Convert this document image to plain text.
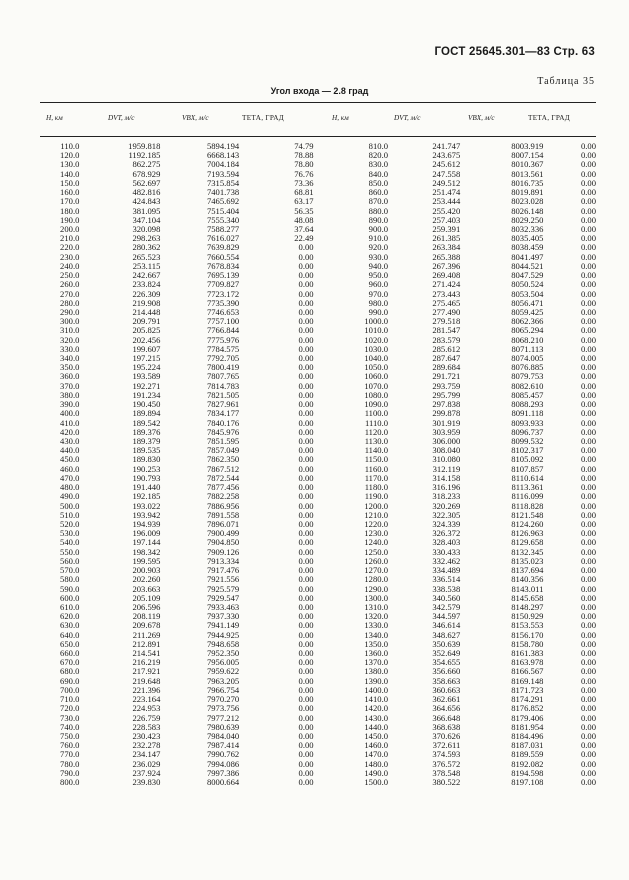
ГОСТ 25645.301—83 Стр. 63
Таблица 35
Угол входа — 2.8 град
Н, км	DVT, м/с	VBX, м/с	ТЕТА, ГРАД	Н, км	DVT, м/с	VBX, м/с	ТЕТА, ГРАД
110.0	1959.818	5894.194	74.79	810.0	241.747	8003.919	0.00
120.0	1192.185	6668.143	78.88	820.0	243.675	8007.154	0.00
130.0	862.275	7004.184	78.80	830.0	245.612	8010.367	0.00
140.0	678.929	7193.594	76.76	840.0	247.558	8013.561	0.00
150.0	562.697	7315.854	73.36	850.0	249.512	8016.735	0.00
160.0	482.816	7401.738	68.81	860.0	251.474	8019.891	0.00
170.0	424.843	7465.692	63.17	870.0	253.444	8023.028	0.00
180.0	381.095	7515.404	56.35	880.0	255.420	8026.148	0.00
190.0	347.104	7555.340	48.08	890.0	257.403	8029.250	0.00
200.0	320.098	7588.277	37.64	900.0	259.391	8032.336	0.00
210.0	298.263	7616.027	22.49	910.0	261.385	8035.405	0.00
220.0	280.362	7639.829	0.00	920.0	263.384	8038.459	0.00
230.0	265.523	7660.554	0.00	930.0	265.388	8041.497	0.00
240.0	253.115	7678.834	0.00	940.0	267.396	8044.521	0.00
250.0	242.667	7695.139	0.00	950.0	269.408	8047.529	0.00
260.0	233.824	7709.827	0.00	960.0	271.424	8050.524	0.00
270.0	226.309	7723.172	0.00	970.0	273.443	8053.504	0.00
280.0	219.908	7735.390	0.00	980.0	275.465	8056.471	0.00
290.0	214.448	7746.653	0.00	990.0	277.490	8059.425	0.00
300.0	209.791	7757.100	0.00	1000.0	279.518	8062.366	0.00
310.0	205.825	7766.844	0.00	1010.0	281.547	8065.294	0.00
320.0	202.456	7775.976	0.00	1020.0	283.579	8068.210	0.00
330.0	199.607	7784.575	0.00	1030.0	285.612	8071.113	0.00
340.0	197.215	7792.705	0.00	1040.0	287.647	8074.005	0.00
350.0	195.224	7800.419	0.00	1050.0	289.684	8076.885	0.00
360.0	193.589	7807.765	0.00	1060.0	291.721	8079.753	0.00
370.0	192.271	7814.783	0.00	1070.0	293.759	8082.610	0.00
380.0	191.234	7821.505	0.00	1080.0	295.799	8085.457	0.00
390.0	190.450	7827.961	0.00	1090.0	297.838	8088.293	0.00
400.0	189.894	7834.177	0.00	1100.0	299.878	8091.118	0.00
410.0	189.542	7840.176	0.00	1110.0	301.919	8093.933	0.00
420.0	189.376	7845.976	0.00	1120.0	303.959	8096.737	0.00
430.0	189.379	7851.595	0.00	1130.0	306.000	8099.532	0.00
440.0	189.535	7857.049	0.00	1140.0	308.040	8102.317	0.00
450.0	189.830	7862.350	0.00	1150.0	310.080	8105.092	0.00
460.0	190.253	7867.512	0.00	1160.0	312.119	8107.857	0.00
470.0	190.793	7872.544	0.00	1170.0	314.158	8110.614	0.00
480.0	191.440	7877.456	0.00	1180.0	316.196	8113.361	0.00
490.0	192.185	7882.258	0.00	1190.0	318.233	8116.099	0.00
500.0	193.022	7886.956	0.00	1200.0	320.269	8118.828	0.00
510.0	193.942	7891.558	0.00	1210.0	322.305	8121.548	0.00
520.0	194.939	7896.071	0.00	1220.0	324.339	8124.260	0.00
530.0	196.009	7900.499	0.00	1230.0	326.372	8126.963	0.00
540.0	197.144	7904.850	0.00	1240.0	328.403	8129.658	0.00
550.0	198.342	7909.126	0.00	1250.0	330.433	8132.345	0.00
560.0	199.595	7913.334	0.00	1260.0	332.462	8135.023	0.00
570.0	200.903	7917.476	0.00	1270.0	334.489	8137.694	0.00
580.0	202.260	7921.556	0.00	1280.0	336.514	8140.356	0.00
590.0	203.663	7925.579	0.00	1290.0	338.538	8143.011	0.00
600.0	205.109	7929.547	0.00	1300.0	340.560	8145.658	0.00
610.0	206.596	7933.463	0.00	1310.0	342.579	8148.297	0.00
620.0	208.119	7937.330	0.00	1320.0	344.597	8150.929	0.00
630.0	209.678	7941.149	0.00	1330.0	346.614	8153.553	0.00
640.0	211.269	7944.925	0.00	1340.0	348.627	8156.170	0.00
650.0	212.891	7948.658	0.00	1350.0	350.639	8158.780	0.00
660.0	214.541	7952.350	0.00	1360.0	352.649	8161.383	0.00
670.0	216.219	7956.005	0.00	1370.0	354.655	8163.978	0.00
680.0	217.921	7959.622	0.00	1380.0	356.660	8166.567	0.00
690.0	219.648	7963.205	0.00	1390.0	358.663	8169.148	0.00
700.0	221.396	7966.754	0.00	1400.0	360.663	8171.723	0.00
710.0	223.164	7970.270	0.00	1410.0	362.661	8174.291	0.00
720.0	224.953	7973.756	0.00	1420.0	364.656	8176.852	0.00
730.0	226.759	7977.212	0.00	1430.0	366.648	8179.406	0.00
740.0	228.583	7980.639	0.00	1440.0	368.638	8181.954	0.00
750.0	230.423	7984.040	0.00	1450.0	370.626	8184.496	0.00
760.0	232.278	7987.414	0.00	1460.0	372.611	8187.031	0.00
770.0	234.147	7990.762	0.00	1470.0	374.593	8189.559	0.00
780.0	236.029	7994.086	0.00	1480.0	376.572	8192.082	0.00
790.0	237.924	7997.386	0.00	1490.0	378.548	8194.598	0.00
800.0	239.830	8000.664	0.00	1500.0	380.522	8197.108	0.00
